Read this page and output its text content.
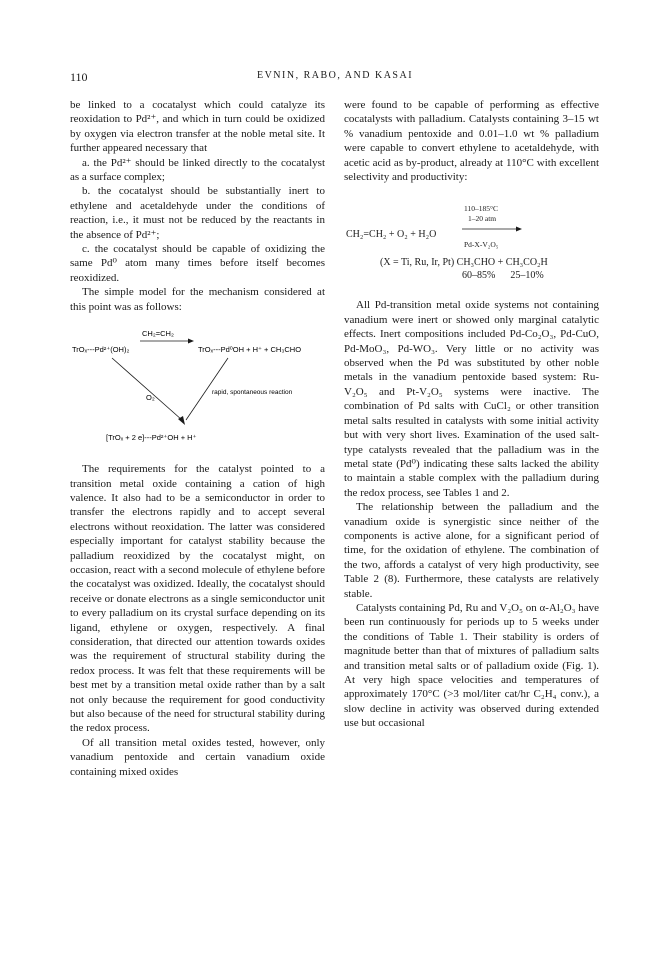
110	EVNIN, RABO, AND KASAI

be linked to a cocatalyst which could catalyze its reoxidation to Pd²⁺, and which in turn could be oxidized by oxygen via electron transfer at the noble metal site. It further appeared necessary that

a. the Pd²⁺ should be linked directly to the cocatalyst as a surface complex;

b. the cocatalyst should be substantially inert to ethylene and acetaldehyde under the conditions of reaction, i.e., it must not be reduced by the reactants in the absence of Pd²⁺;

c. the cocatalyst should be capable of oxidizing the same Pd⁰ atom many times before itself becomes reoxidized.

The simple model for the mechanism considered at this point was as follows:

CH₂=CH₂
TrOₓ---Pd²⁺(OH)₂	TrOₓ---Pd⁰OH + H⁺ + CH₃CHO
O₂
rapid, spontaneous reaction
[TrOₓ + 2 e]---Pd²⁺OH + H⁺

The requirements for the catalyst pointed to a transition metal oxide containing a cation of high valence. It also had to be a semiconductor in order to transfer the electrons rapidly and to accept several electrons without reoxidation. The latter was considered especially important for catalyst stability because the palladium reoxidized by the cocatalyst might, on occasion, react with a second molecule of ethylene before the cocatalyst was oxidized. Ideally, the cocatalyst should receive or donate electrons as a single semiconductor unit to every palladium on its crystal surface depending on its ligand, ethylene or oxygen, respectively. A final consideration, that directed our attention towards oxides was the requirement of structural stability during the redox process. It was felt that these requirements will be best met by a transition metal oxide rather than by a salt not only because the requirement for good conductivity but also because of the need for structural stability during the redox process.

Of all transition metal oxides tested, however, only vanadium pentoxide and certain vanadium oxide containing mixed oxides

were found to be capable of performing as effective cocatalysts with palladium. Catalysts containing 3–15 wt % vanadium pentoxide and 0.01–1.0 wt % palladium were capable to convert ethylene to acetaldehyde, with acetic acid as by-product, already at 110°C with excellent selectivity and productivity:

CH₂=CH₂ + O₂ + H₂O
110–185°C
1–20 atm
Pd-X-V₂O₅
(X = Ti, Ru, Ir, Pt) CH₃CHO + CH₃CO₂H
60–85%      25–10%

All Pd-transition metal oxide systems not containing vanadium were inert or showed only marginal catalytic effects. Inert compositions included Pd-Co₂O₃, Pd-CuO, Pd-MoO₃, Pd-WO₃. Very little or no activity was observed when the Pd was substituted by other noble metals in the vanadium pentoxide based system: Ru-V₂O₅ and Pt-V₂O₅ systems were inactive. The combination of Pd salts with CuCl₂ or other transition metal salts resulted in catalysts with some initial activity but with very short lives. Examination of the used salt-type catalysts revealed that the palladium was in the metal state (Pd⁰) indicating these salts lacked the ability to maintain a stable complex with the palladium during the redox process, see Tables 1 and 2.

The relationship between the palladium and the vanadium oxide is synergistic since neither of the components is active alone, for a significant period of time, for the oxidation of ethylene. The combination of the two, affords a catalyst of very high productivity, see Table 2 (8). Furthermore, these catalysts are relatively stable.

Catalysts containing Pd, Ru and V₂O₅ on α-Al₂O₃ have been run continuously for periods up to 5 weeks under the conditions of Table 1. Their stability is orders of magnitude better than that of mixtures of palladium salts and transition metal salts or of palladium oxide (Fig. 1). At very high space velocities and temperatures of approximately 170°C (>3 mol/liter cat/hr C₂H₄ conv.), a slow decline in activity was observed during extended use but occasional
